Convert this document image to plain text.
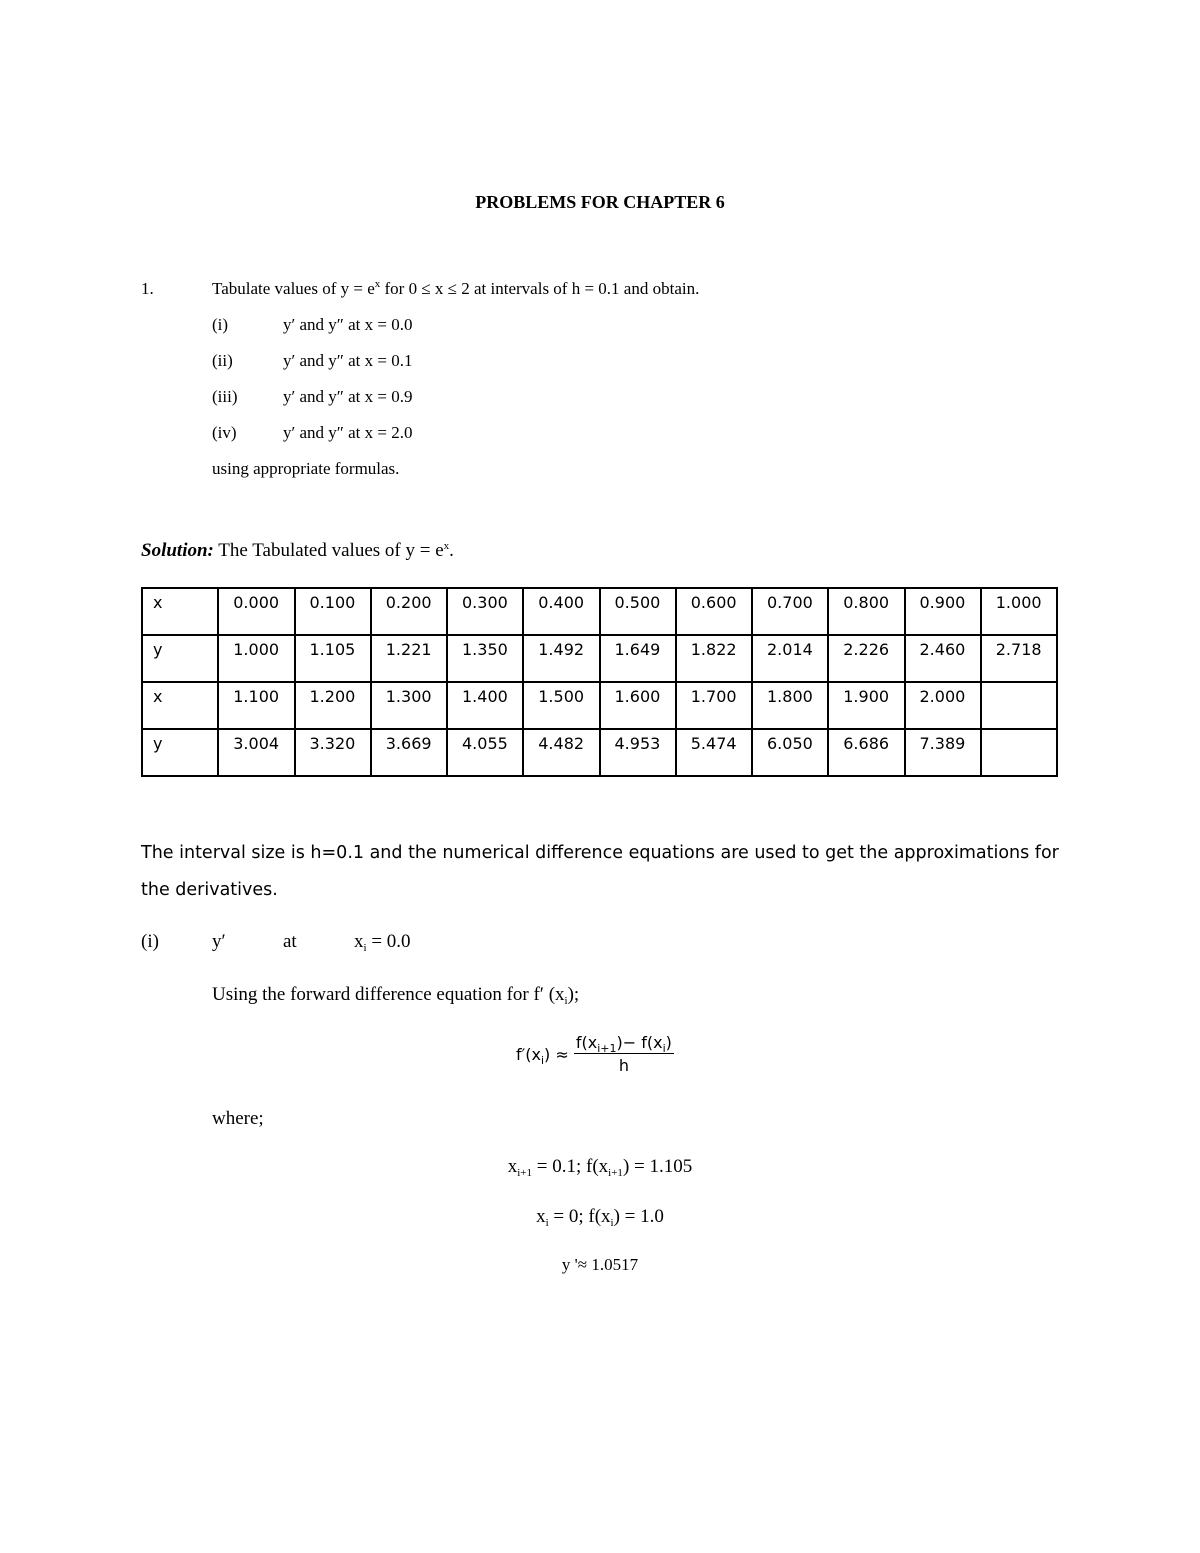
PROBLEMS FOR CHAPTER 6
1.	Tabulate values of $y = e^x$ for 0 ≤ x ≤ 2 at intervals of h = 0.1 and obtain.
(i)	y′ and y″ at x = 0.0
(ii)	y′ and y″ at x = 0.1
(iii)	y′ and y″ at x = 0.9
(iv)	y′ and y″ at x = 2.0
using appropriate formulas.
Solution: The Tabulated values of $y = e^x$.
x	0.000	0.100	0.200	0.300	0.400	0.500	0.600	0.700	0.800	0.900	1.000
y	1.000	1.105	1.221	1.350	1.492	1.649	1.822	2.014	2.226	2.460	2.718
x	1.100	1.200	1.300	1.400	1.500	1.600	1.700	1.800	1.900	2.000	
y	3.004	3.320	3.669	4.055	4.482	4.953	5.474	6.050	6.686	7.389	
The interval size is h=0.1 and the numerical difference equations are used to get the approximations for
the derivatives.
(i)	y′	at	$x_i = 0.0$
Using the forward difference equation for f′ $(x_i)$;
$f'(x_i) \approx \frac{f(x_{i+1})- f(x_i)}{h}$
where;
$x_{i+1} = 0.1$; $f(x_{i+1}) = 1.105$
$x_i = 0$; $f(x_i) = 1.0$
y '≈ 1.0517
